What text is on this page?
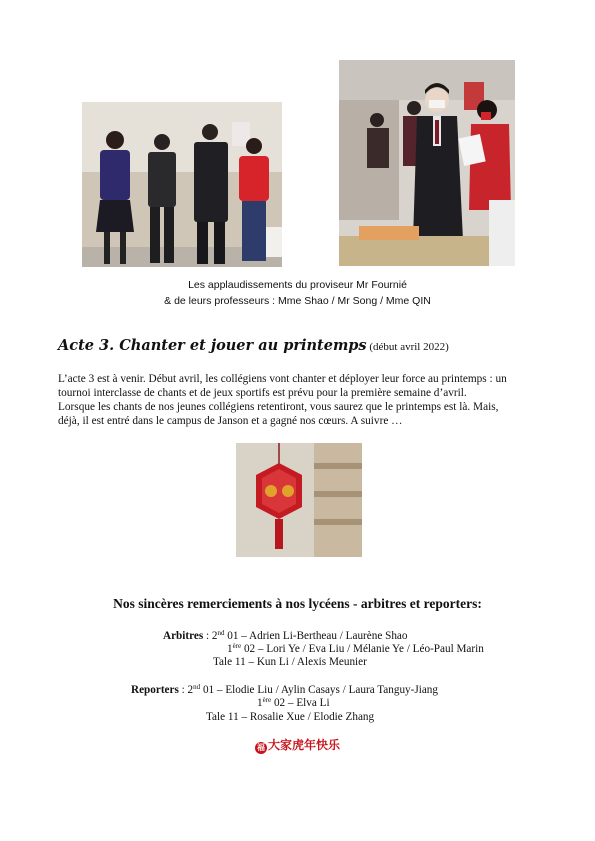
Les applaudissements du proviseur Mr Fournié
& de leurs professeurs : Mme Shao / Mr Song / Mme QIN
Acte 3. Chanter et jouer au printemps (début avril 2022)
L’acte 3 est à venir. Début avril, les collégiens vont chanter et déployer leur force au printemps : un
tournoi interclasse de chants et de jeux sportifs est prévu pour la première semaine d’avril.
Lorsque les chants de nos jeunes collégiens retentiront, vous saurez que le printemps est là. Mais,
déjà, il est entré dans le campus de Janson et a gagné nos cœurs. A suivre …
Nos sincères remerciements à nos lycéens - arbitres et reporters:
Arbitres : 2nd 01 – Adrien Li-Bertheau / Laurène Shao
1ère 02 – Lori Ye / Eva Liu / Mélanie Ye / Léo-Paul Marin
Tale 11 – Kun Li / Alexis Meunier
Reporters : 2nd 01 – Elodie Liu / Aylin Casays / Laura Tanguy-Jiang
1ère 02 – Elva Li
Tale 11 – Rosalie Xue / Elodie Zhang
福 大家虎年快乐
